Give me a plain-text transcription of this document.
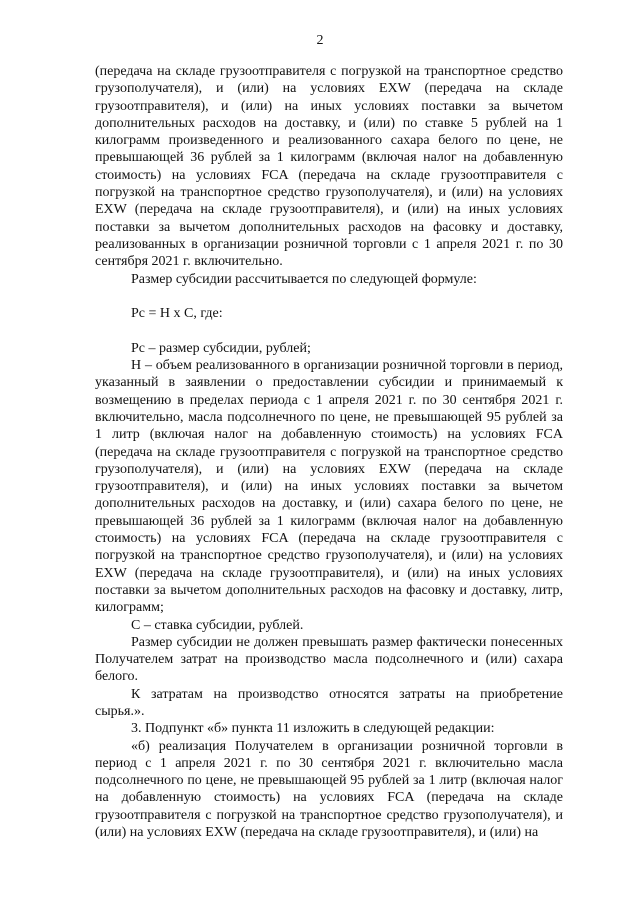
2

(передача на складе грузоотправителя с погрузкой на транспортное средство грузополучателя), и (или) на условиях EXW (передача на складе грузоотправителя), и (или) на иных условиях поставки за вычетом дополнительных расходов на доставку, и (или) по ставке 5 рублей на 1 килограмм произведенного и реализованного сахара белого по цене, не превышающей 36 рублей за 1 килограмм (включая налог на добавленную стоимость) на условиях FCA (передача на складе грузоотправителя с погрузкой на транспортное средство грузополучателя), и (или) на условиях EXW (передача на складе грузоотправителя), и (или) на иных условиях поставки за вычетом дополнительных расходов на фасовку и доставку, реализованных в организации розничной торговли с 1 апреля 2021 г. по 30 сентября 2021 г. включительно.

Размер субсидии рассчитывается по следующей формуле:

Pc = H x C, где:

Pc – размер субсидии, рублей;

H – объем реализованного в организации розничной торговли в период, указанный в заявлении о предоставлении субсидии и принимаемый к возмещению в пределах периода с 1 апреля 2021 г. по 30 сентября 2021 г. включительно, масла подсолнечного по цене, не превышающей 95 рублей за 1 литр (включая налог на добавленную стоимость) на условиях FCA (передача на складе грузоотправителя с погрузкой на транспортное средство грузополучателя), и (или) на условиях EXW (передача на складе грузоотправителя), и (или) на иных условиях поставки за вычетом дополнительных расходов на доставку, и (или) сахара белого по цене, не превышающей 36 рублей за 1 килограмм (включая налог на добавленную стоимость) на условиях FCA (передача на складе грузоотправителя с погрузкой на транспортное средство грузополучателя), и (или) на условиях EXW (передача на складе грузоотправителя), и (или) на иных условиях поставки за вычетом дополнительных расходов на фасовку и доставку, литр, килограмм;

C – ставка субсидии, рублей.

Размер субсидии не должен превышать размер фактически понесенных Получателем затрат на производство масла подсолнечного и (или) сахара белого.

К затратам на производство относятся затраты на приобретение сырья.».

3. Подпункт «б» пункта 11 изложить в следующей редакции:

«б) реализация Получателем в организации розничной торговли в период с 1 апреля 2021 г. по 30 сентября 2021 г. включительно масла подсолнечного по цене, не превышающей 95 рублей за 1 литр (включая налог на добавленную стоимость) на условиях FCA (передача на складе грузоотправителя с погрузкой на транспортное средство грузополучателя), и (или) на условиях EXW (передача на складе грузоотправителя), и (или) на
